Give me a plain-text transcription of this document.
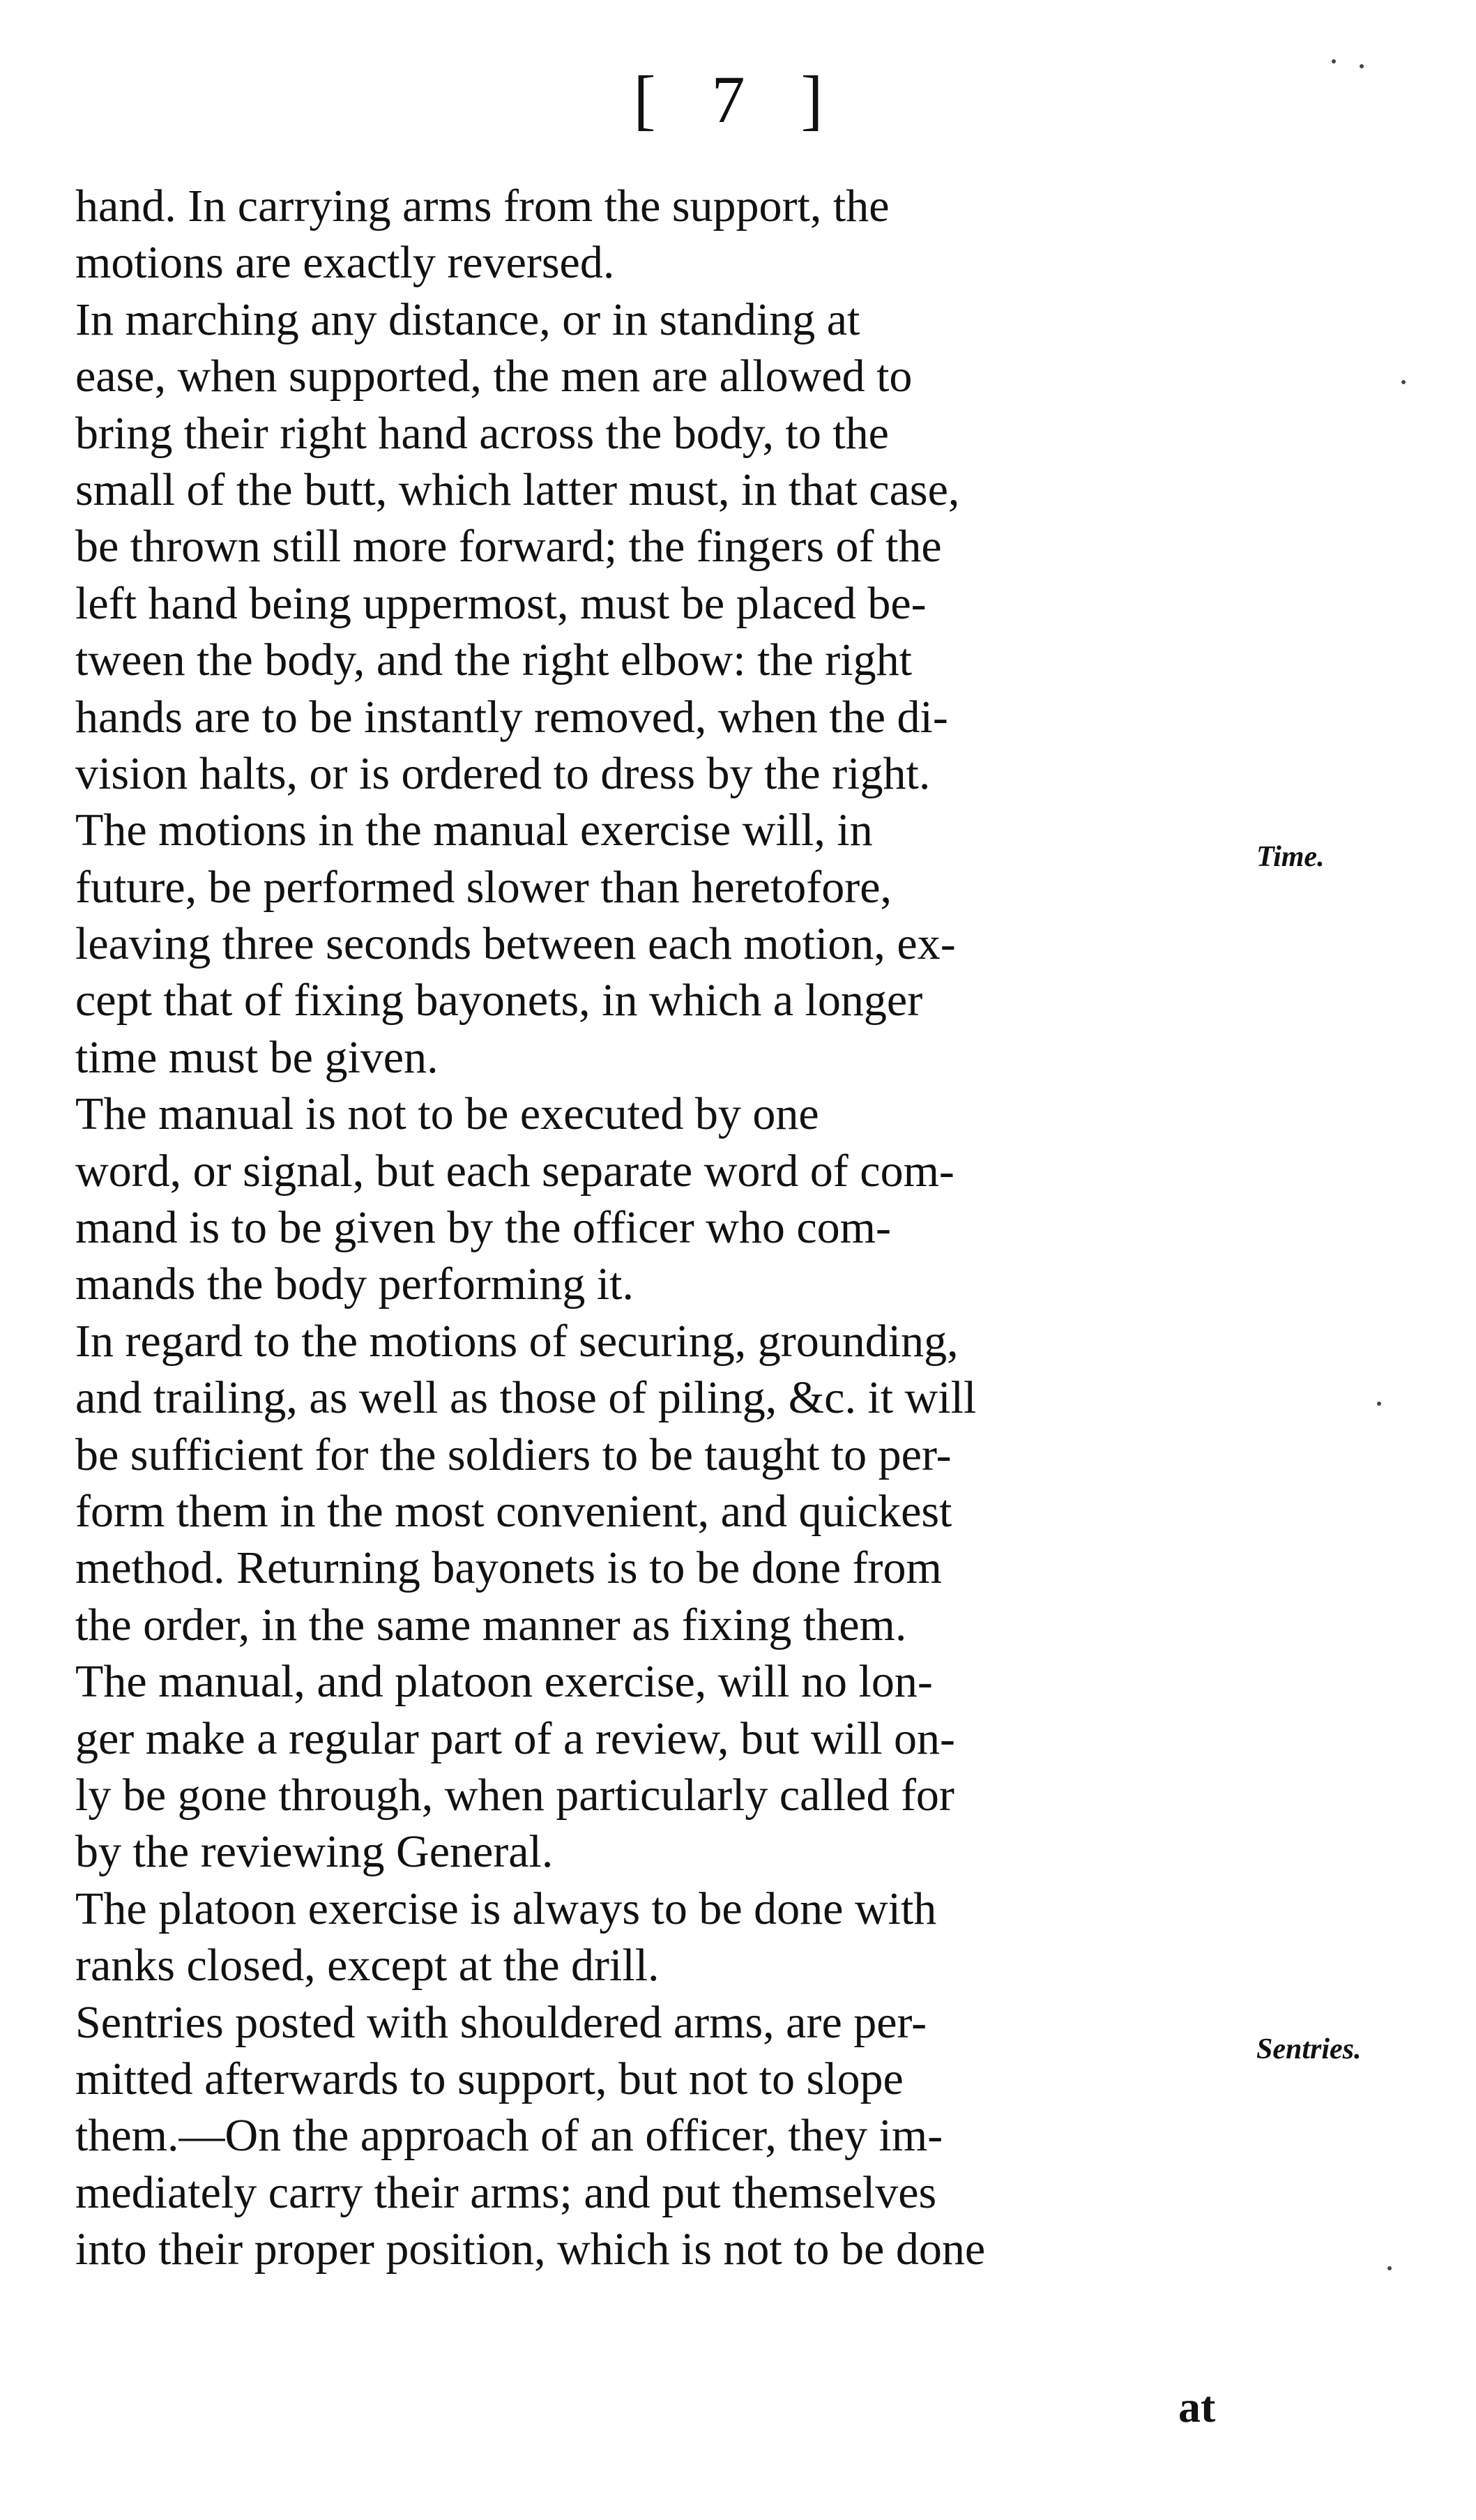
[ 7 ]
hand. In carrying arms from the support, the
motions are exactly reversed.
In marching any distance, or in standing at
ease, when supported, the men are allowed to
bring their right hand across the body, to the
small of the butt, which latter must, in that case,
be thrown still more forward; the fingers of the
left hand being uppermost, must be placed be-
tween the body, and the right elbow: the right
hands are to be instantly removed, when the di-
vision halts, or is ordered to dress by the right.
The motions in the manual exercise will, in
future, be performed slower than heretofore,
leaving three seconds between each motion, ex-
cept that of fixing bayonets, in which a longer
time must be given.
The manual is not to be executed by one
word, or signal, but each separate word of com-
mand is to be given by the officer who com-
mands the body performing it.
In regard to the motions of securing, grounding,
and trailing, as well as those of piling, &c. it will
be sufficient for the soldiers to be taught to per-
form them in the most convenient, and quickest
method. Returning bayonets is to be done from
the order, in the same manner as fixing them.
The manual, and platoon exercise, will no lon-
ger make a regular part of a review, but will on-
ly be gone through, when particularly called for
by the reviewing General.
The platoon exercise is always to be done with
ranks closed, except at the drill.
Sentries posted with shouldered arms, are per-
mitted afterwards to support, but not to slope
them.—On the approach of an officer, they im-
mediately carry their arms; and put themselves
into their proper position, which is not to be done
Time.
Sentries.
at
